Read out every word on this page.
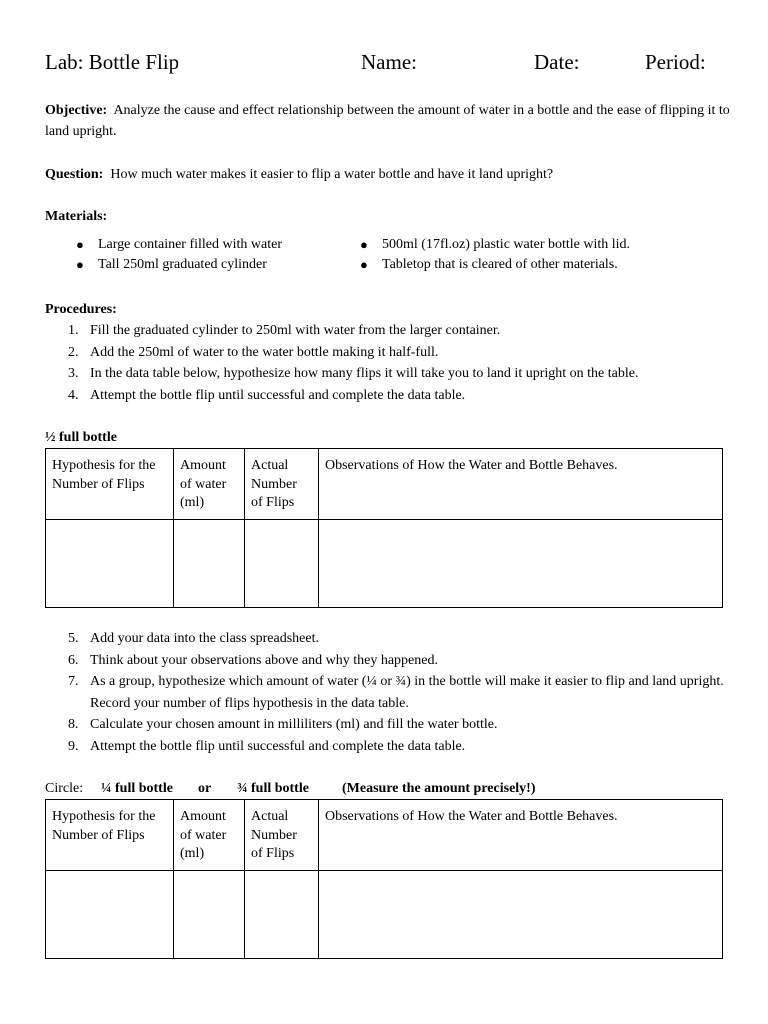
Lab: Bottle Flip	Name:	Date:	Period:
Objective: Analyze the cause and effect relationship between the amount of water in a bottle and the ease of flipping it to land upright.
Question: How much water makes it easier to flip a water bottle and have it land upright?
Materials:
● Large container filled with water
● Tall 250ml graduated cylinder
● 500ml (17fl.oz) plastic water bottle with lid.
● Tabletop that is cleared of other materials.
Procedures:
1. Fill the graduated cylinder to 250ml with water from the larger container.
2. Add the 250ml of water to the water bottle making it half-full.
3. In the data table below, hypothesize how many flips it will take you to land it upright on the table.
4. Attempt the bottle flip until successful and complete the data table.
½ full bottle
Hypothesis for the Number of Flips	Amount of water (ml)	Actual Number of Flips	Observations of How the Water and Bottle Behaves.

5. Add your data into the class spreadsheet.
6. Think about your observations above and why they happened.
7. As a group, hypothesize which amount of water (¼ or ¾) in the bottle will make it easier to flip and land upright. Record your number of flips hypothesis in the data table.
8. Calculate your chosen amount in milliliters (ml) and fill the water bottle.
9. Attempt the bottle flip until successful and complete the data table.
Circle: ¼ full bottle or ¾ full bottle (Measure the amount precisely!)
Hypothesis for the Number of Flips	Amount of water (ml)	Actual Number of Flips	Observations of How the Water and Bottle Behaves.
